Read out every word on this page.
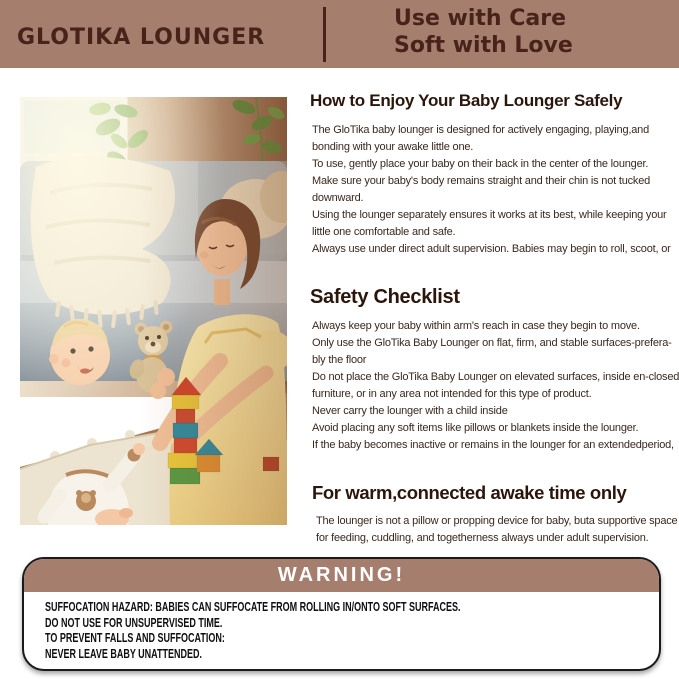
GLOTIKA LOUNGER
Use with Care
Soft with Love
How to Enjoy Your Baby Lounger Safely
The GloTika baby lounger is designed for actively engaging, playing,and
bonding with your awake little one.
To use, gently place your baby on their back in the center of the lounger.
Make sure your baby's body remains straight and their chin is not tucked
downward.
Using the lounger separately ensures it works at its best, while keeping your
little one comfortable and safe.
Always use under direct adult supervision. Babies may begin to roll, scoot, or
Safety Checklist
Always keep your baby within arm's reach in case they begin to move.
Only use the GloTika Baby Lounger on flat, firm, and stable surfaces-prefera-
bly the floor
Do not place the GloTika Baby Lounger on elevated surfaces, inside en-closed
furniture, or in any area not intended for this type of product.
Never carry the lounger with a child inside
Avoid placing any soft items like pillows or blankets inside the lounger.
If the baby becomes inactive or remains in the lounger for an extendedperiod,
For warm,connected awake time only
The lounger is not a pillow or propping device for baby, buta supportive space
for feeding, cuddling, and togetherness always under adult supervision.
WARNING!
SUFFOCATION HAZARD: BABIES CAN SUFFOCATE FROM ROLLING IN/ONTO SOFT SURFACES.
DO NOT USE FOR UNSUPERVISED TIME.
TO PREVENT FALLS AND SUFFOCATION:
NEVER LEAVE BABY UNATTENDED.
